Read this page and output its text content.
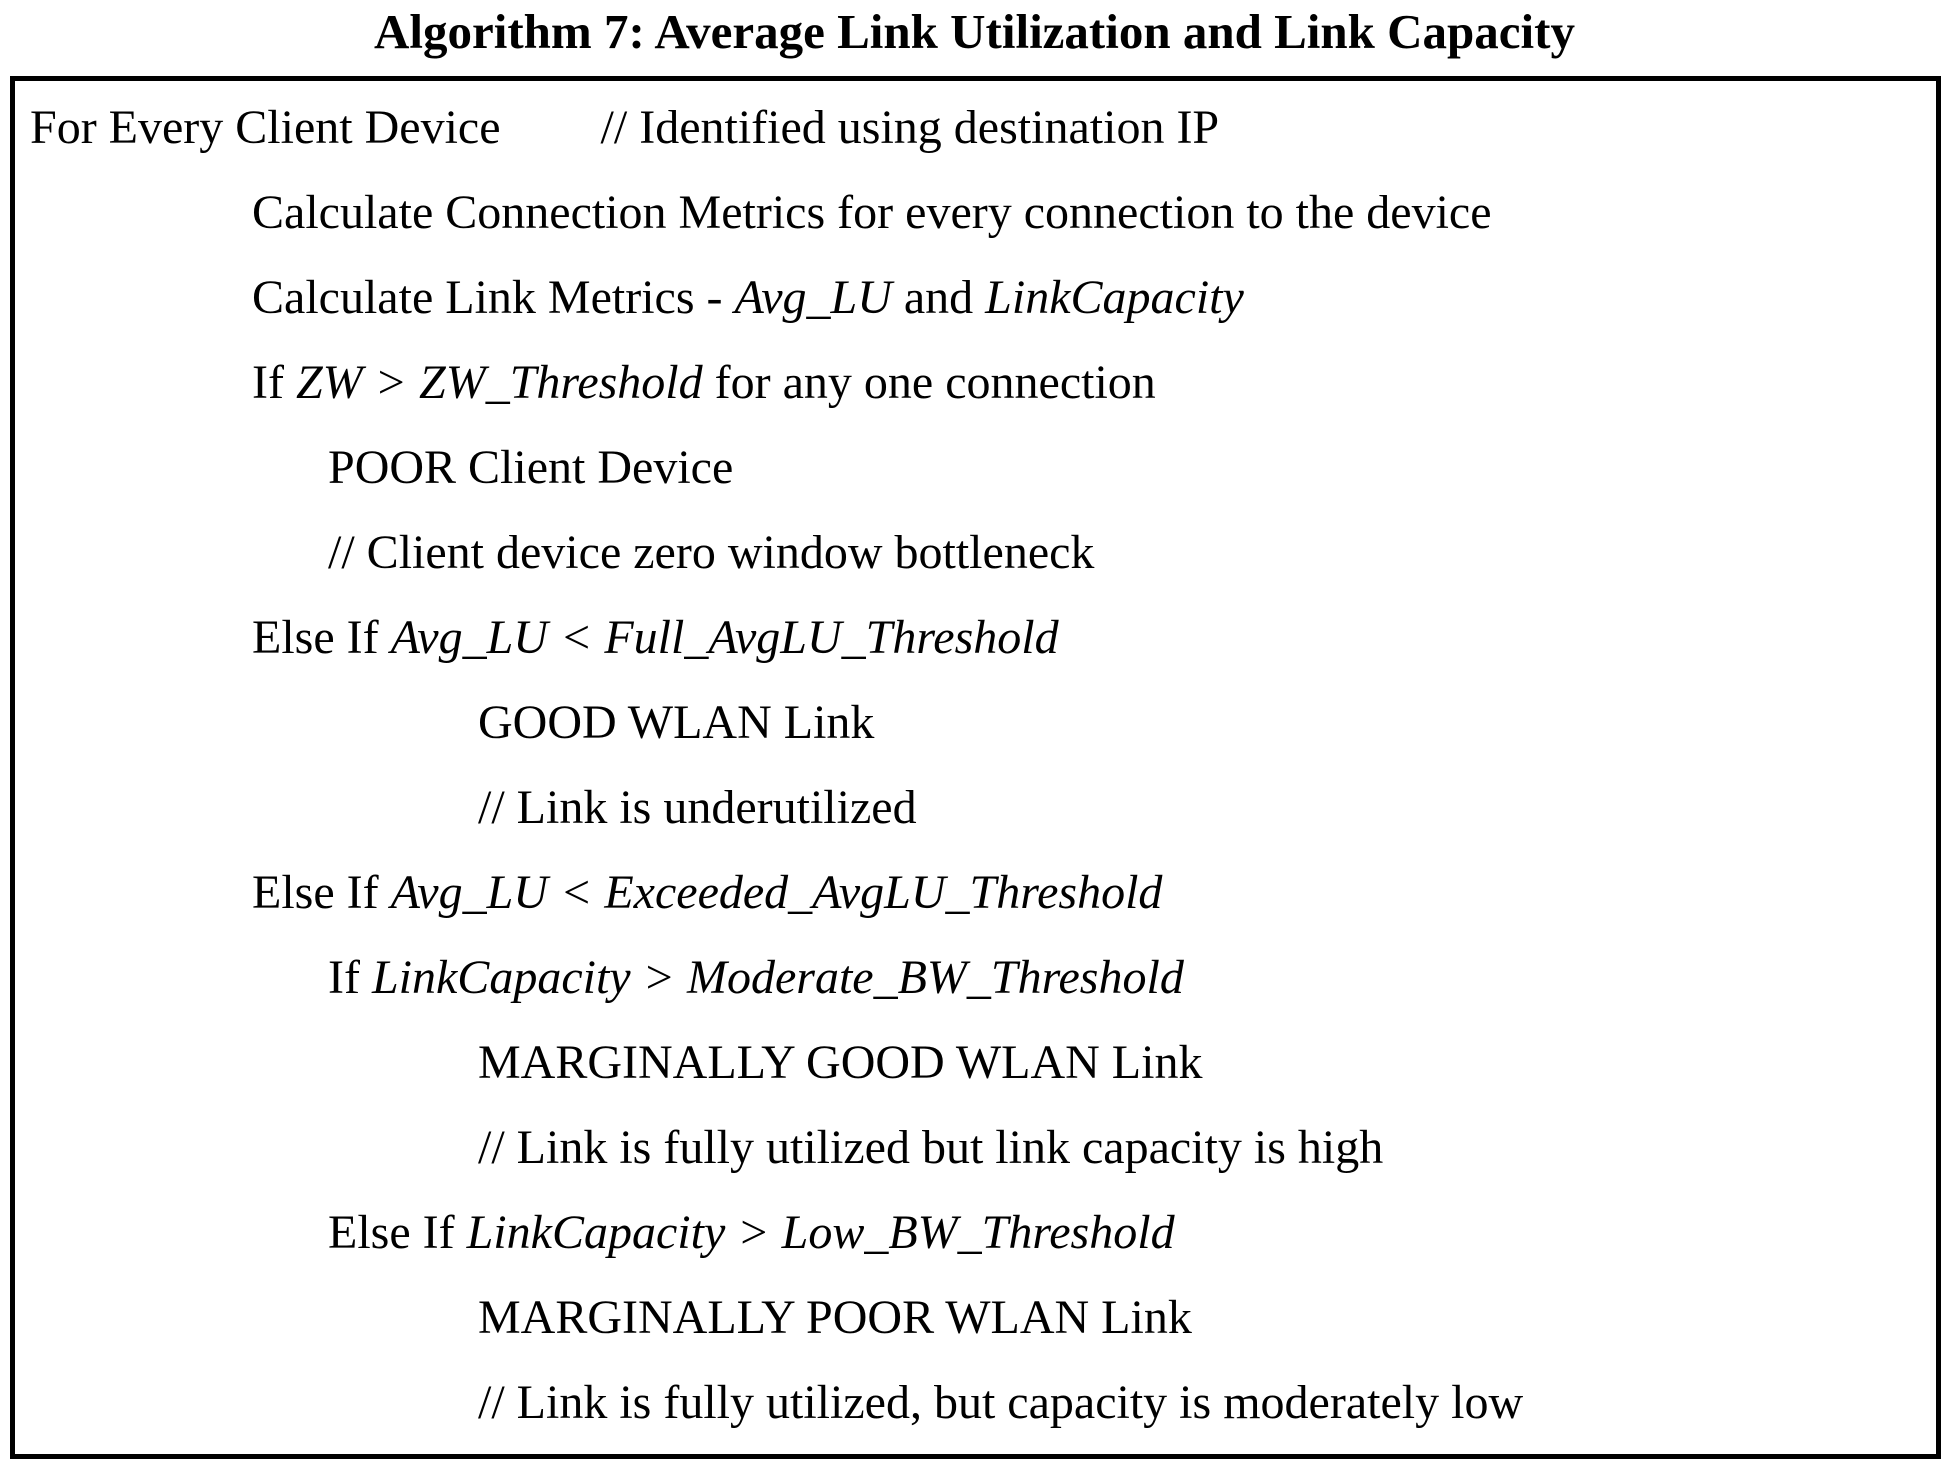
Algorithm 7: Average Link Utilization and Link Capacity
For Every Client Device // Identified using destination IP
Calculate Connection Metrics for every connection to the device
Calculate Link Metrics - Avg_LU and LinkCapacity
If ZW > ZW_Threshold for any one connection
POOR Client Device
// Client device zero window bottleneck
Else If Avg_LU < Full_AvgLU_Threshold
GOOD WLAN Link
// Link is underutilized
Else If Avg_LU < Exceeded_AvgLU_Threshold
If LinkCapacity > Moderate_BW_Threshold
MARGINALLY GOOD WLAN Link
// Link is fully utilized but link capacity is high
Else If LinkCapacity > Low_BW_Threshold
MARGINALLY POOR WLAN Link
// Link is fully utilized, but capacity is moderately low
